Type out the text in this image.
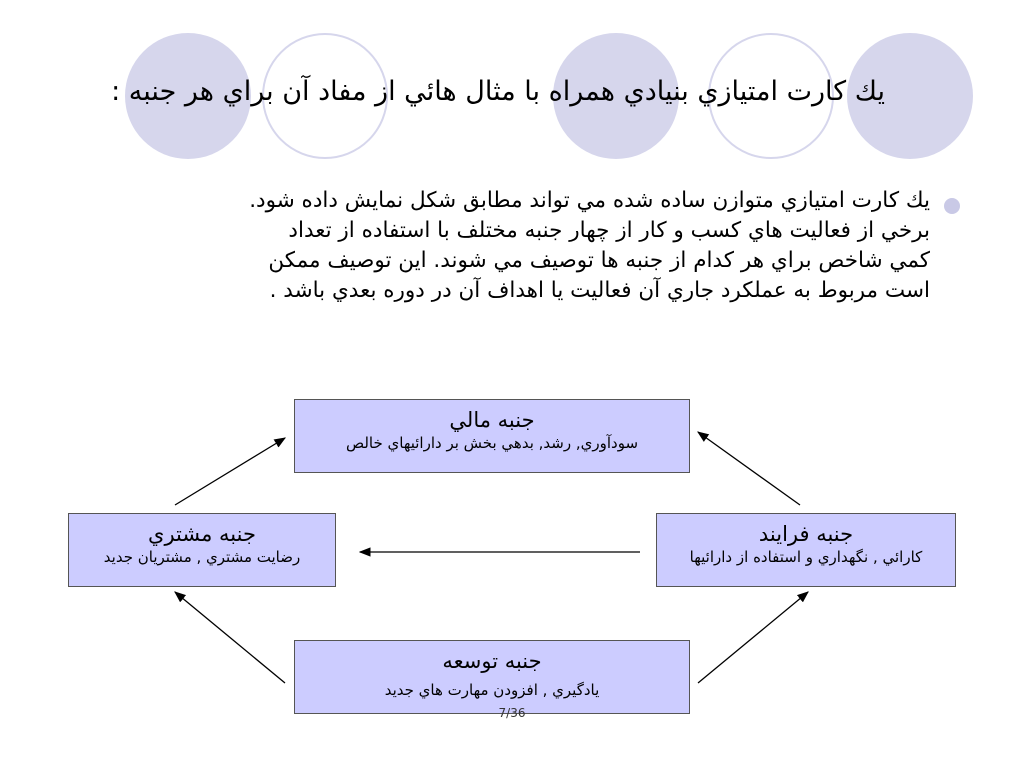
يك كارت امتيازي بنيادي همراه با مثال هائي از مفاد آن براي هر جنبه :
يك كارت امتيازي متوازن ساده شده مي تواند مطابق شكل نمايش داده شود.
برخي از فعاليت هاي كسب و كار از چهار جنبه مختلف با استفاده از تعداد
كمي شاخص براي هر كدام از جنبه ها توصيف مي شوند. اين توصيف ممكن
است مربوط به عملكرد جاري آن فعاليت يا اهداف آن در دوره بعدي باشد .
جنبه مالي
سودآوري, رشد, بدهي بخش بر دارائيهاي خالص
جنبه مشتري
رضايت مشتري , مشتريان جديد
جنبه فرايند
كارائي , نگهداري و استفاده از دارائيها
جنبه توسعه
يادگيري , افزودن مهارت هاي جديد
7/36
